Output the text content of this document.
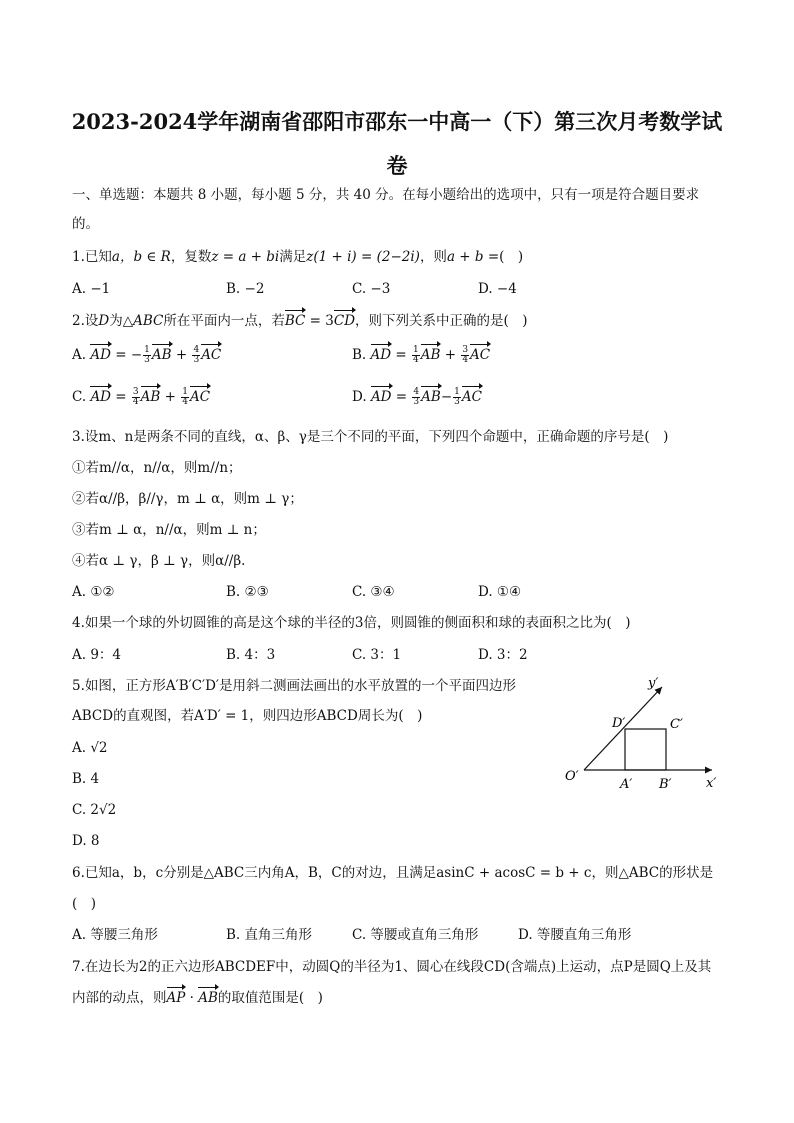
2023-2024学年湖南省邵阳市邵东一中高一（下）第三次月考数学试
卷
一、单选题：本题共 8 小题，每小题 5 分，共 40 分。在每小题给出的选项中，只有一项是符合题目要求
的。
1.已知a，b ∈ R，复数z = a + bi满足z(1 + i) = (2−2i)，则a + b =(　)
A. −1	B. −2	C. −3	D. −4
2.设D为△ABC所在平面内一点，若BC = 3CD，则下列关系中正确的是(　)
A. AD = − $\frac{1}{3}$ AB + $\frac{4}{3}$ AC	B. AD = $\frac{1}{4}$ AB + $\frac{3}{4}$ AC
C. AD = $\frac{3}{4}$ AB + $\frac{1}{4}$ AC	D. AD = $\frac{4}{3} AB- \frac{1}{3}$ AC
3.设m、n是两条不同的直线，α、β、γ是三个不同的平面，下列四个命题中，正确命题的序号是(　)
①若m//α，n//α，则m//n；
②若α//β，β//γ，m ⊥ α，则m ⊥ γ；
③若m ⊥ α，n//α，则m ⊥ n；
④若α ⊥ γ，β ⊥ γ，则α//β.
A. ①②	B. ②③	C. ③④	D. ①④
4.如果一个球的外切圆锥的高是这个球的半径的3倍，则圆锥的侧面积和球的表面积之比为(　)
A. 9：4	B. 4：3	C. 3：1	D. 3：2
5.如图，正方形A′B′C′D′是用斜二测画法画出的水平放置的一个平面四边形
ABCD的直观图，若A′D′ = 1，则四边形ABCD周长为(　)
A. √2
B. 4
C. 2√2
D. 8
y′
x′
O′
A′ B′
C′
D′
6.已知a，b，c分别是△ABC三内角A，B，C的对边，且满足asinC + acosC = b + c，则△ABC的形状是
(　)
A. 等腰三角形	B. 直角三角形	C. 等腰或直角三角形	D. 等腰直角三角形
7.在边长为2的正六边形ABCDEF中，动圆Q的半径为1、圆心在线段CD(含端点)上运动，点P是圆Q上及其
内部的动点，则AP · AB的取值范围是(　)
